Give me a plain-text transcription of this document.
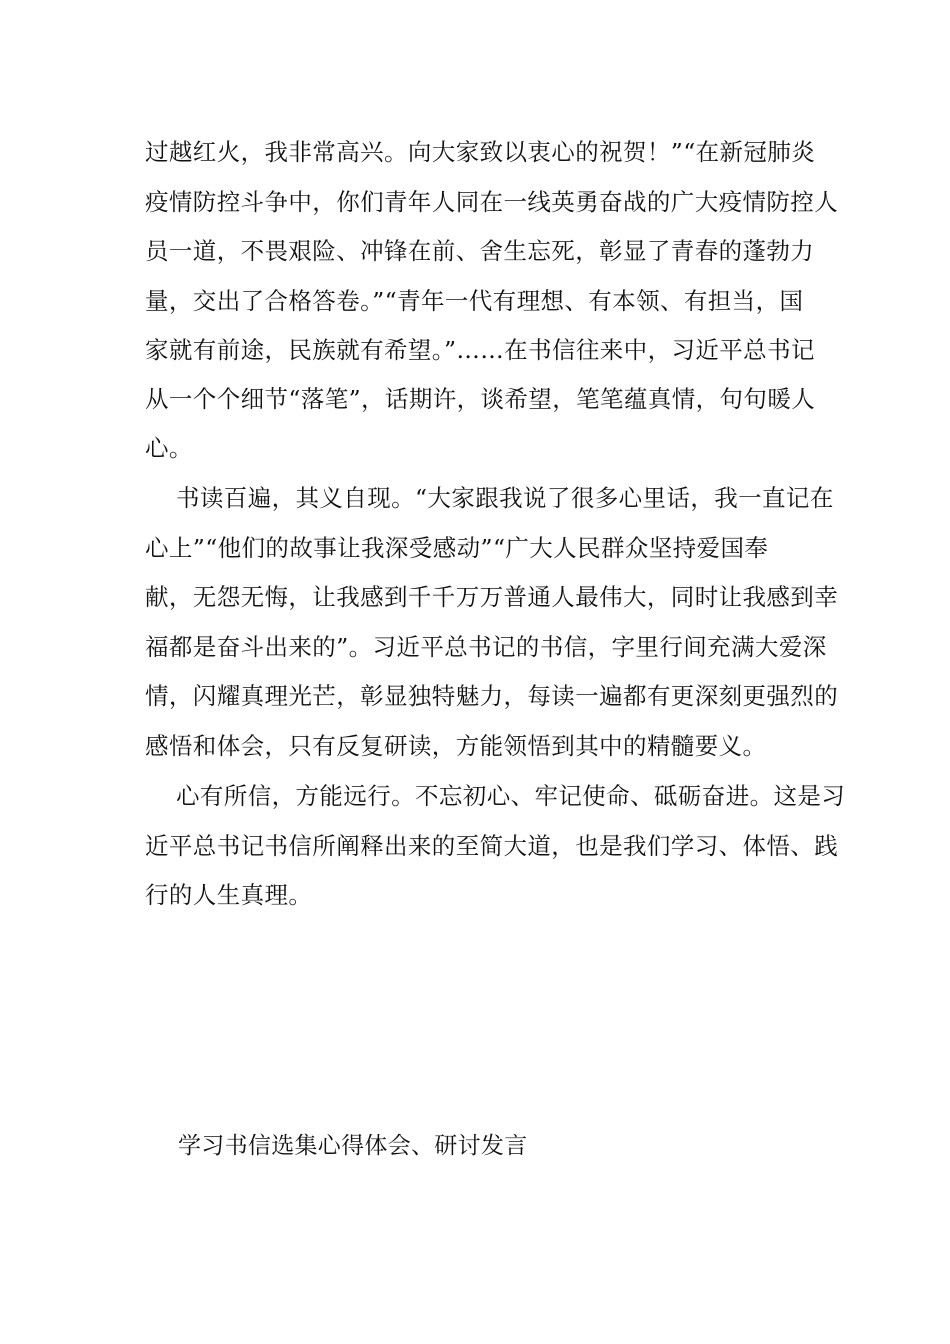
过越红火，我非常高兴。向大家致以衷心的祝贺！”“在新冠肺炎
疫情防控斗争中，你们青年人同在一线英勇奋战的广大疫情防控人
员一道，不畏艰险、冲锋在前、舍生忘死，彰显了青春的蓬勃力
量，交出了合格答卷。”“青年一代有理想、有本领、有担当，国
家就有前途，民族就有希望。”……在书信往来中，习近平总书记
从一个个细节“落笔”，话期许，谈希望，笔笔蕴真情，句句暖人
心。
书读百遍，其义自现。“大家跟我说了很多心里话，我一直记在
心上”“他们的故事让我深受感动”“广大人民群众坚持爱国奉
献，无怨无悔，让我感到千千万万普通人最伟大，同时让我感到幸
福都是奋斗出来的”。习近平总书记的书信，字里行间充满大爱深
情，闪耀真理光芒，彰显独特魅力，每读一遍都有更深刻更强烈的
感悟和体会，只有反复研读，方能领悟到其中的精髓要义。
心有所信，方能远行。不忘初心、牢记使命、砥砺奋进。这是习
近平总书记书信所阐释出来的至简大道，也是我们学习、体悟、践
行的人生真理。
学习书信选集心得体会、研讨发言
